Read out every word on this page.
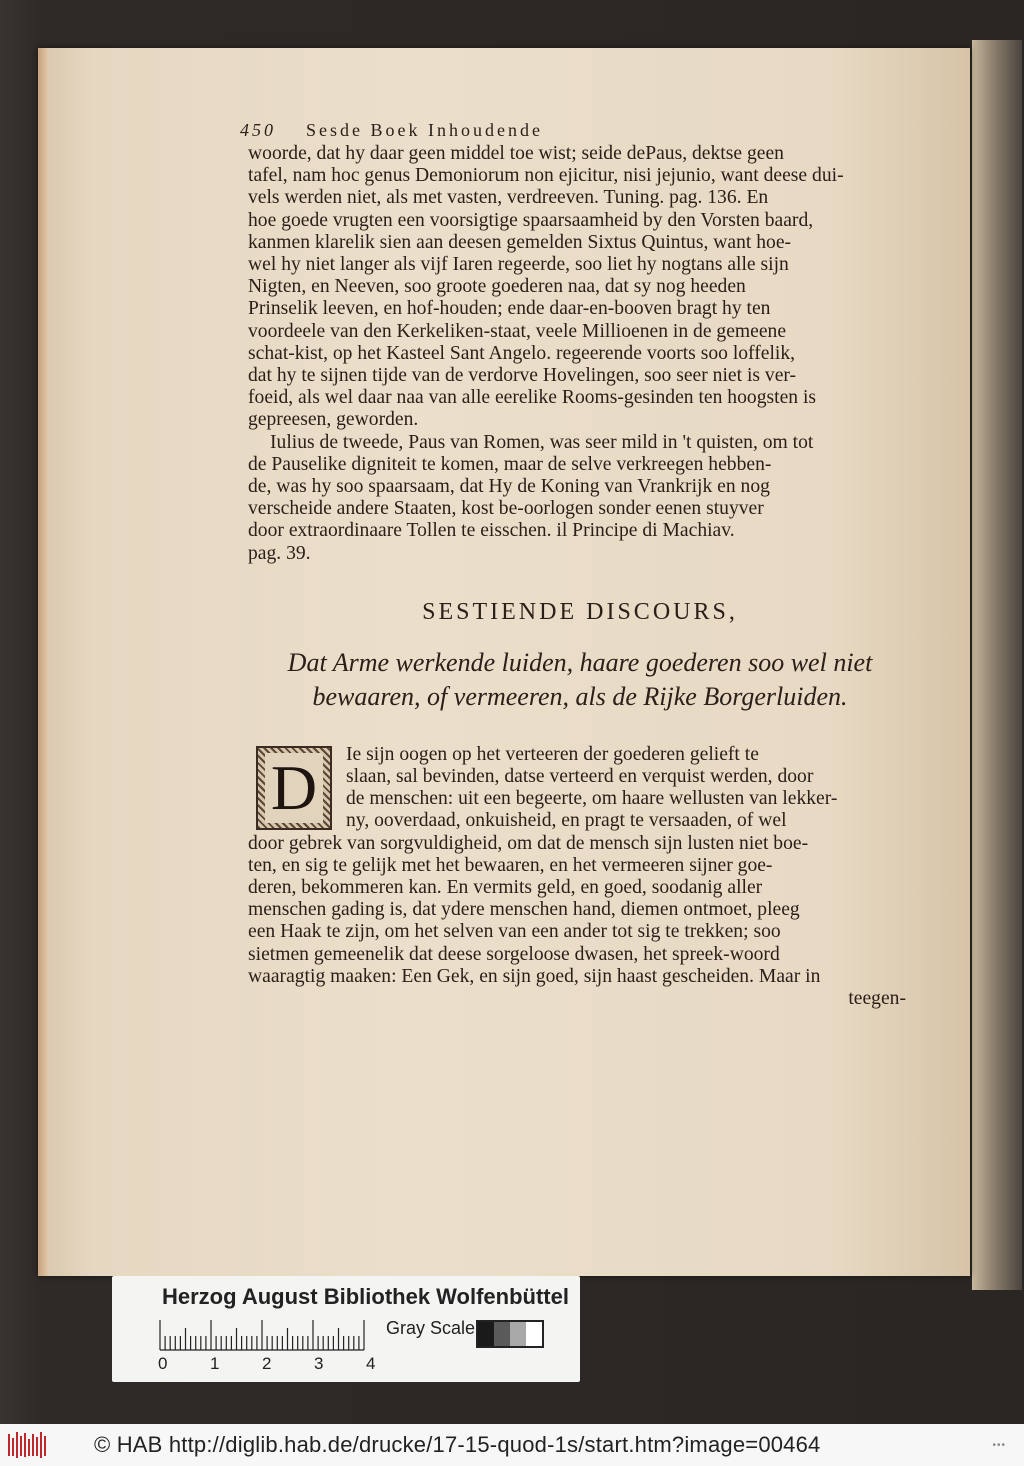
450 Sesde Boek Inhoudende
woorde, dat hy daar geen middel toe wist; seide dePaus, dektse geen
tafel, nam hoc genus Demoniorum non ejicitur, nisi jejunio, want deese dui-
vels werden niet, als met vasten, verdreeven. Tuning. pag. 136. En
hoe goede vrugten een voorsigtige spaarsaamheid by den Vorsten baard,
kanmen klarelik sien aan deesen gemelden Sixtus Quintus, want hoe-
wel hy niet langer als vijf Iaren regeerde, soo liet hy nogtans alle sijn
Nigten, en Neeven, soo groote goederen naa, dat sy nog heeden
Prinselik leeven, en hof-houden; ende daar-en-booven bragt hy ten
voordeele van den Kerkeliken-staat, veele Millioenen in de gemeene
schat-kist, op het Kasteel Sant Angelo. regeerende voorts soo loffelik,
dat hy te sijnen tijde van de verdorve Hovelingen, soo seer niet is ver-
foeid, als wel daar naa van alle eerelike Rooms-gesinden ten hoogsten is
gepreesen, geworden.
Iulius de tweede, Paus van Romen, was seer mild in 't quisten, om tot
de Pauselike digniteit te komen, maar de selve verkreegen hebben-
de, was hy soo spaarsaam, dat Hy de Koning van Vrankrijk en nog
verscheide andere Staaten, kost be-oorlogen sonder eenen stuyver
door extraordinaare Tollen te eisschen. il Principe di Machiav.
pag. 39.
SESTIENDE DISCOURS,
Dat Arme werkende luiden, haare goederen soo wel niet
bewaaren, of vermeeren, als de Rijke Borgerluiden.
D	Ie sijn oogen op het verteeren der goederen gelieft te
slaan, sal bevinden, datse verteerd en verquist werden, door
de menschen: uit een begeerte, om haare wellusten van lekker-
ny, ooverdaad, onkuisheid, en pragt te versaaden, of wel
door gebrek van sorgvuldigheid, om dat de mensch sijn lusten niet boe-
ten, en sig te gelijk met het bewaaren, en het vermeeren sijner goe-
deren, bekommeren kan. En vermits geld, en goed, soodanig aller
menschen gading is, dat ydere menschen hand, diemen ontmoet, pleeg
een Haak te zijn, om het selven van een ander tot sig te trekken; soo
sietmen gemeenelik dat deese sorgeloose dwasen, het spreek-woord
waaragtig maaken: Een Gek, en sijn goed, sijn haast gescheiden. Maar in
teegen-
Herzog August Bibliothek Wolfenbüttel
0	1	2	3	4
Gray Scale
© HAB http://diglib.hab.de/drucke/17-15-quod-1s/start.htm?image=00464	•••
